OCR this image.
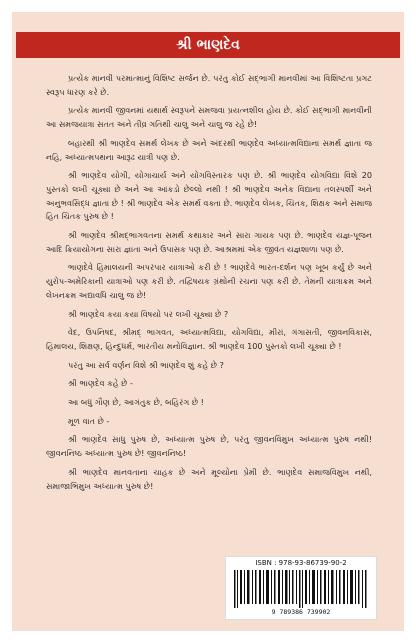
શ્રી ભાણદેવ

પ્રત્યેક માનવી પરમાત્માનું વિશિષ્ટ સર્જન છે. પરંતુ કોઈ સદ્ભાગી માનવીમાં આ વિશિષ્ટતા પ્રગટ સ્વરૂપ ધારણ કરે છે.

પ્રત્યેક માનવી જીવનમાં યથાર્થ સ્વરૂપને સમજવા પ્રયત્નશીલ હોય છે. કોઈ સદ્ભાગી માનવીની આ સમજયાત્રા સતત અને તીવ્ર ગતિથી ચાલુ અને ચાલુ જ રહે છે!

બહારથી શ્રી ભાણદેવ સમર્થ લેખક છે અને અંદરથી ભાણદેવ અધ્યાત્મવિદ્યાના સમર્થ જ્ઞાતા જ નહિ, અધ્યાત્મપથના આરૂઢ યાત્રી પણ છે.

શ્રી ભાણદેવ યોગી, યોગાચાર્ય અને યોગવિસ્તારક પણ છે. શ્રી ભાણદેવ યોગવિદ્યા વિશે 20 પુસ્તકો લખી ચૂક્યા છે અને આ આંકડો છેલ્લો નથી ! શ્રી ભાણદેવ અનેક વિદ્યાના તલસ્પર્શી અને અનુભવસિદ્ધ જ્ઞાતા છે ! શ્રી ભાણદેવ એક સમર્થ વક્તા છે. ભાણદેવ લેખક, ચિંતક, શિક્ષક અને સમાજ હિત ચિંતક પુરુષ છે !

શ્રી ભાણદેવ શ્રીમદ્ભાગવતના સમર્થ કથાકાર અને સારા ગાયક પણ છે. ભાણદેવ યજ્ઞ-પૂજન આદિ ક્રિયાયોગના સારા જ્ઞાતા અને ઉપાસક પણ છે. આશ્રમમાં એક જીવંત યજ્ઞશાળા પણ છે.

ભાણદેવે હિમાલયની અપરંપાર યાત્રાઓ કરી છે ! ભાણદેવે ભારત-દર્શન પણ ખૂબ કર્યું છે અને યુરોપ-અમેરિકાની યાત્રાઓ પણ કરી છે. તદ્વિષયક ગ્રંથોની રચના પણ કરી છે. તેમની યાત્રાક્રમ અને લેખનક્રમ અદ્યાવધિ ચાલુ જ છે!

શ્રી ભાણદેવ કયા કયા વિષયો પર લખી ચૂક્યા છે ?

વેદ, ઉપનિષદ, શ્રીમદ્ ભાગવત, અધ્યાત્મવિદ્યા, યોગવિદ્યા, મીરાં, ગંગાસતી, જીવનવિકાસ, હિમાલય, શિક્ષણ, હિન્દુધર્મ, ભારતીય મનોવિજ્ઞાન. શ્રી ભાણદેવ 100 પુસ્તકો લખી ચૂક્યા છે !

પરંતુ આ સર્વ વર્ણન વિશે શ્રી ભાણદેવ શું કહે છે ?

શ્રી ભાણદેવ કહે છે -

આ બધું ગૌણ છે, આગંતુક છે, બહિરંગ છે !

મૂળ વાત છે -

શ્રી ભાણદેવ સાધુ પુરુષ છે, અધ્યાત્મ પુરુષ છે, પરંતુ જીવનવિમુખ અધ્યાત્મ પુરુષ નથી! જીવનનિષ્ઠ અધ્યાત્મ પુરુષ છે! જીવનનિષ્ઠ!

શ્રી ભાણદેવ માનવતાના ચાહક છે અને મૂલ્યોના પ્રેમી છે. ભાણદેવ સમાજવિમુખ નથી, સમાજાભિમુખ અધ્યાત્મ પુરુષ છે!

ISBN : 978-93-86739-90-2
9 789386 739902
